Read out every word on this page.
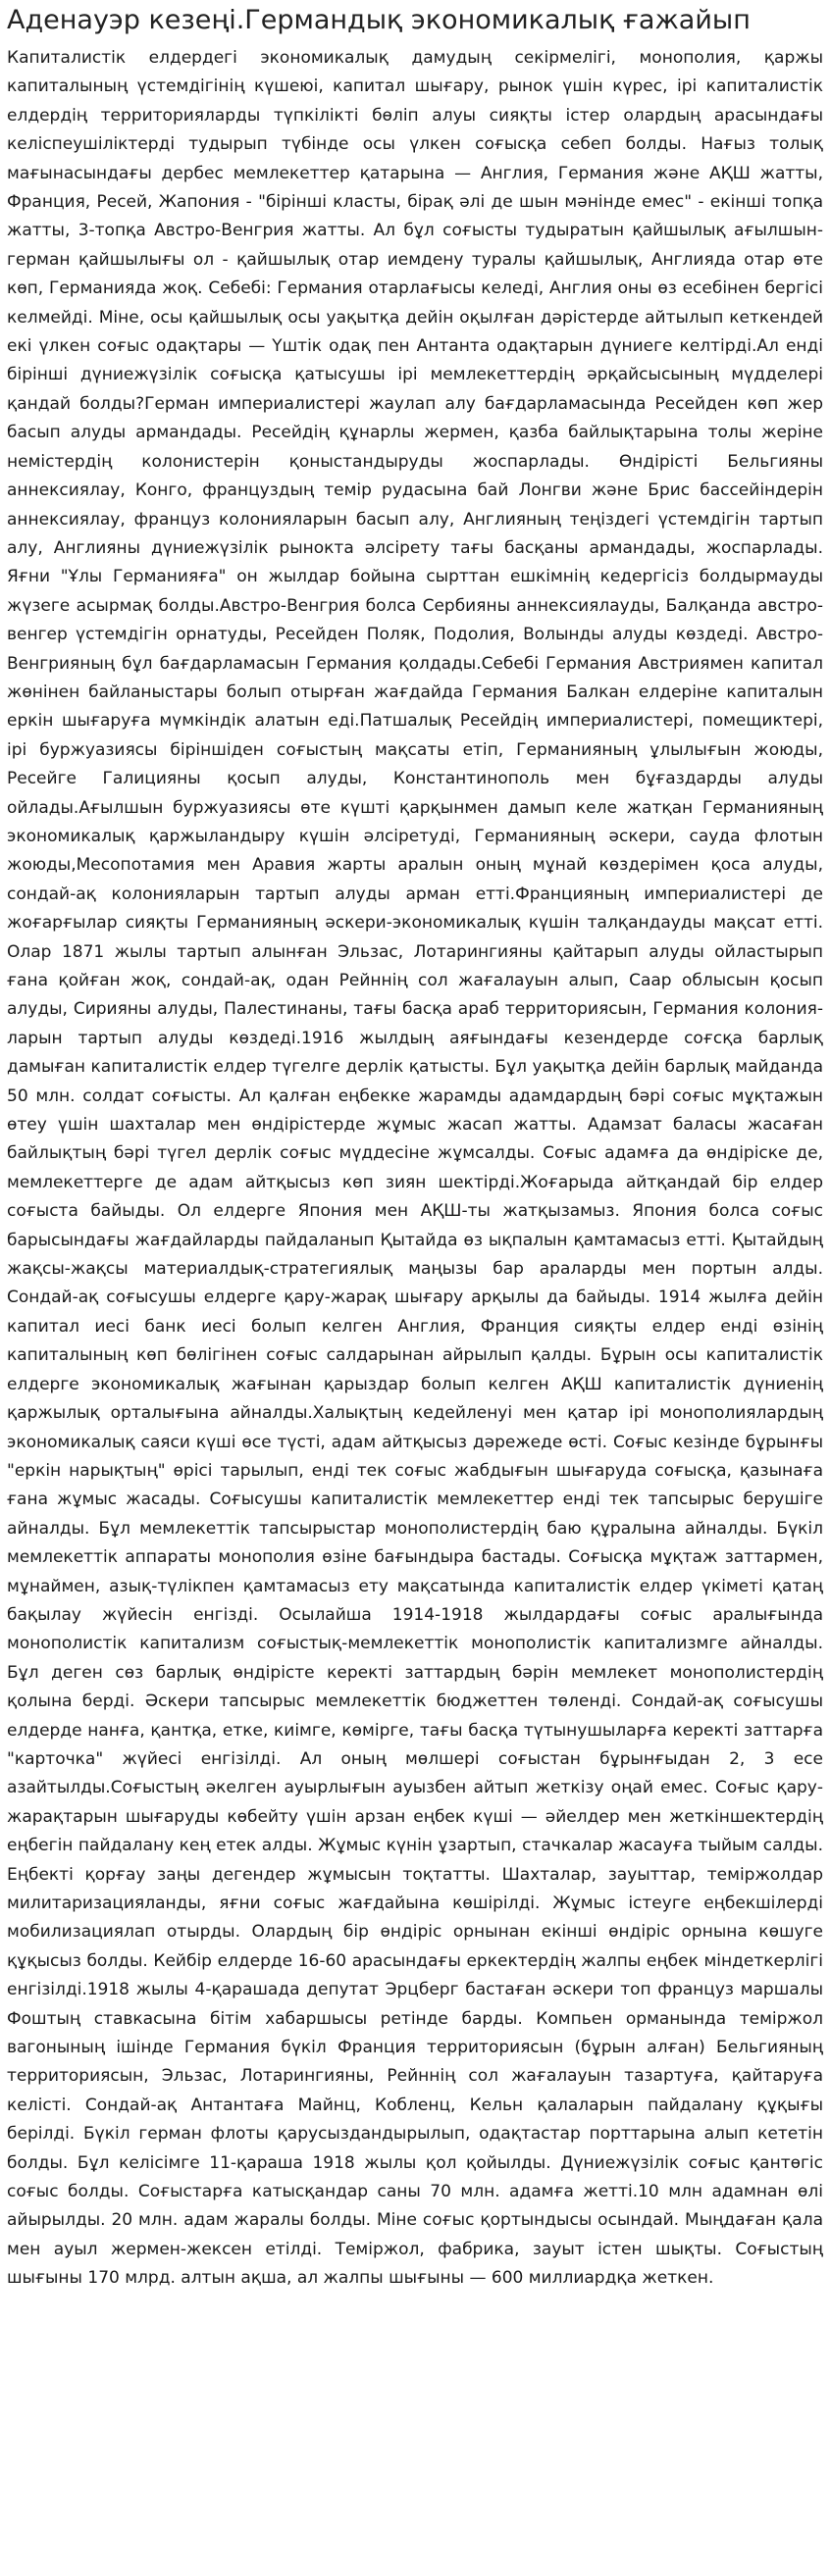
Аденауэр кезеңі.Германдық экономикалық ғажайып

Капиталистік елдердегі экономикалық дамудың секірмелігі, монополия, қаржы капиталының үстемдігінің күшеюі, капитал шығару, рынок үшін күрес, ірі капиталистік елдердің территорияларды түпкілікті бөліп алуы сияқты істер олардың арасындағы келіспеушіліктерді тудырып түбінде осы үлкен соғысқа себеп болды. Нағыз толық мағынасындағы дербес мемлекеттер қатарына — Англия, Германия және АҚШ жатты, Франция, Ресей, Жапония - "бірінші класты, бірақ әлі де шын мәнінде емес" - екінші топқа жатты, 3-топқа Австро-Венгрия жатты. Ал бұл соғысты тудыратын қайшылық ағылшын-герман қайшылығы ол - қайшылық отар иемдену туралы қайшылық, Англияда отар өте көп, Германияда жоқ. Себебі: Германия отарлағысы келеді, Англия оны өз есебінен бергісі келмейді. Міне, осы қайшылық осы уақытқа дейін оқылған дәрістерде айтылып кеткендей екі үлкен соғыс одақтары — Үштік одақ пен Антанта одақтарын дүниеге келтірді.Ал енді бірінші дүниежүзілік соғысқа қатысушы ірі мемлекеттердің әрқайсысының мүдделері қандай болды?Герман империалистері жаулап алу бағдарламасында Ресейден көп жер басып алуды армандады. Ресейдің құнарлы жермен, қазба байлықтарына толы жеріне немістердің колонистерін қоныстандыруды жоспарлады. Өндірісті Бельгияны аннексиялау, Конго, француздың темір рудасына бай Лонгви және Брис бассейіндерін аннексиялау, француз колонияларын басып алу, Англияның теңіздегі үстемдігін тартып алу, Англияны дүниежүзілік рынокта әлсірету тағы басқаны армандады, жоспарлады. Яғни "Ұлы Германияға" он жылдар бойына сырттан ешкімнің кедергісіз болдырмауды жүзеге асырмақ болды.Австро-Венгрия болса Сербияны аннексиялауды, Балқанда австро-венгер үстемдігін орнатуды, Ресейден Поляк, Подолия, Волынды алуды көздеді. Австро-Венгрияның бұл бағдарламасын Германия қолдады.Себебі Германия Австриямен капитал жөнінен байланыстары болып отырған жағдайда Германия Балкан елдеріне капиталын еркін шығаруға мүмкіндік алатын еді.Патшалық Ресейдің империалистері, помещиктері, ірі буржуазиясы біріншіден соғыстың мақсаты етіп, Германияның ұлылығын жоюды, Ресейге Галицияны қосып алуды, Константинополь мен бұғаздарды алуды ойлады.Ағылшын буржуазиясы өте күшті қарқынмен дамып келе жатқан Германияның экономикалық қаржыландыру күшін әлсіретуді, Германияның әскери, сауда флотын жоюды,Месопотамия мен Аравия жарты аралын оның мұнай көздерімен қоса алуды, сондай-ақ колонияларын тартып алуды арман етті.Францияның империалистері де жоғарғылар сияқты Германияның әскери-экономикалық күшін талқандауды мақсат етті. Олар 1871 жылы тартып алынған Эльзас, Лотарингияны қайтарып алуды ойластырып ғана қойған жоқ, сондай-ақ, одан Рейннің сол жағалауын алып, Саар облысын қосып алуды, Сирияны алуды, Палестинаны, тағы басқа араб территориясын, Германия колония-ларын тартып алуды көздеді.1916 жылдың аяғындағы кезендерде соғсқа барлық дамыған капиталистік елдер түгелге дерлік қатысты. Бұл уақытқа дейін барлық майданда 50 млн. солдат соғысты. Ал қалған еңбекке жарамды адамдардың бәрі соғыс мұқтажын өтеу үшін шахталар мен өндірістерде жұмыс жасап жатты. Адамзат баласы жасаған байлықтың бәрі түгел дерлік соғыс мүддесіне жұмсалды. Соғыс адамға да өндіріске де, мемлекеттерге де адам айтқысыз көп зиян шектірді.Жоғарыда айтқандай бір елдер соғыста байыды. Ол елдерге Япония мен АҚШ-ты жатқызамыз. Япония болса соғыс барысындағы жағдайларды пайдаланып Қытайда өз ықпалын қамтамасыз етті. Қытайдың жақсы-жақсы материалдық-стратегиялық маңызы бар араларды мен портын алды. Сондай-ақ соғысушы елдерге қару-жарақ шығару арқылы да байыды. 1914 жылға дейін капитал иесі банк иесі болып келген Англия, Франция сияқты елдер енді өзінің капиталының көп бөлігінен соғыс салдарынан айрылып қалды. Бұрын осы капиталистік елдерге экономикалық жағынан қарыздар болып келген АҚШ капиталистік дүниенің қаржылық орталығына айналды.Халықтың кедейленуі мен қатар ірі монополиялардың экономикалық саяси күші өсе түсті, адам айтқысыз дәрежеде өсті. Соғыс кезінде бұрынғы "еркін нарықтың" өрісі тарылып, енді тек соғыс жабдығын шығаруда соғысқа, қазынаға ғана жұмыс жасады. Соғысушы капиталистік мемлекеттер енді тек тапсырыс берушіге айналды. Бұл мемлекеттік тапсырыстар монополистердің баю құралына айналды. Бүкіл мемлекеттік аппараты монополия өзіне бағындыра бастады. Соғысқа мұқтаж заттармен, мұнаймен, азық-түлікпен қамтамасыз ету мақсатында капиталистік елдер үкіметі қатаң бақылау жүйесін енгізді. Осылайша 1914-1918 жылдардағы соғыс аралығында монополистік капитализм соғыстық-мемлекеттік монополистік капитализмге айналды. Бұл деген сөз барлық өндірісте керекті заттардың бәрін мемлекет монополистердің қолына берді. Әскери тапсырыс мемлекеттік бюджеттен төленді. Сондай-ақ соғысушы елдерде нанға, қантқа, етке, киімге, көмірге, тағы басқа түтынушыларға керекті заттарға "карточка" жүйесі енгізілді. Ал оның мөлшері соғыстан бұрынғыдан 2, 3 есе азайтылды.Соғыстың әкелген ауырлығын ауызбен айтып жеткізу оңай емес. Соғыс қару-жарақтарын шығаруды көбейту үшін арзан еңбек күші — әйелдер мен жеткіншектердің еңбегін пайдалану кең етек алды. Жұмыс күнін ұзартып, стачкалар жасауға тыйым салды. Еңбекті қорғау заңы дегендер жұмысын тоқтатты. Шахталар, зауыттар, теміржолдар милитаризацияланды, яғни соғыс жағдайына көшірілді. Жұмыс істеуге еңбекшілерді мобилизациялап отырды. Олардың бір өндіріс орнынан екінші өндіріс орнына көшуге құқысыз болды. Кейбір елдерде 16-60 арасындағы еркектердің жалпы еңбек міндеткерлігі енгізілді.1918 жылы 4-қарашада депутат Эрцберг бастаған әскери топ француз маршалы Фоштың ставкасына бітім хабаршысы ретінде барды. Компьен орманында теміржол вагонының ішінде Германия бүкіл Франция территориясын (бұрын алған) Бельгияның территориясын, Эльзас, Лотарингияны, Рейннің сол жағалауын тазартуға, қайтаруға келісті. Сондай-ақ Антантаға Майнц, Кобленц, Кельн қалаларын пайдалану құқығы берілді. Бүкіл герман флоты қарусыздандырылып, одақтастар порттарына алып кететін болды. Бұл келісімге 11-қараша 1918 жылы қол қойылды. Дүниежүзілік соғыс қантөгіс соғыс болды. Соғыстарға катысқандар саны 70 млн. адамға жетті.10 млн адамнан өлі айырылды. 20 млн. адам жаралы болды. Міне соғыс қортындысы осындай. Мыңдаған қала мен ауыл жермен-жексен етілді. Теміржол, фабрика, зауыт істен шықты. Соғыстың шығыны 170 млрд. алтын ақша, ал жалпы шығыны — 600 миллиардқа жеткен.
